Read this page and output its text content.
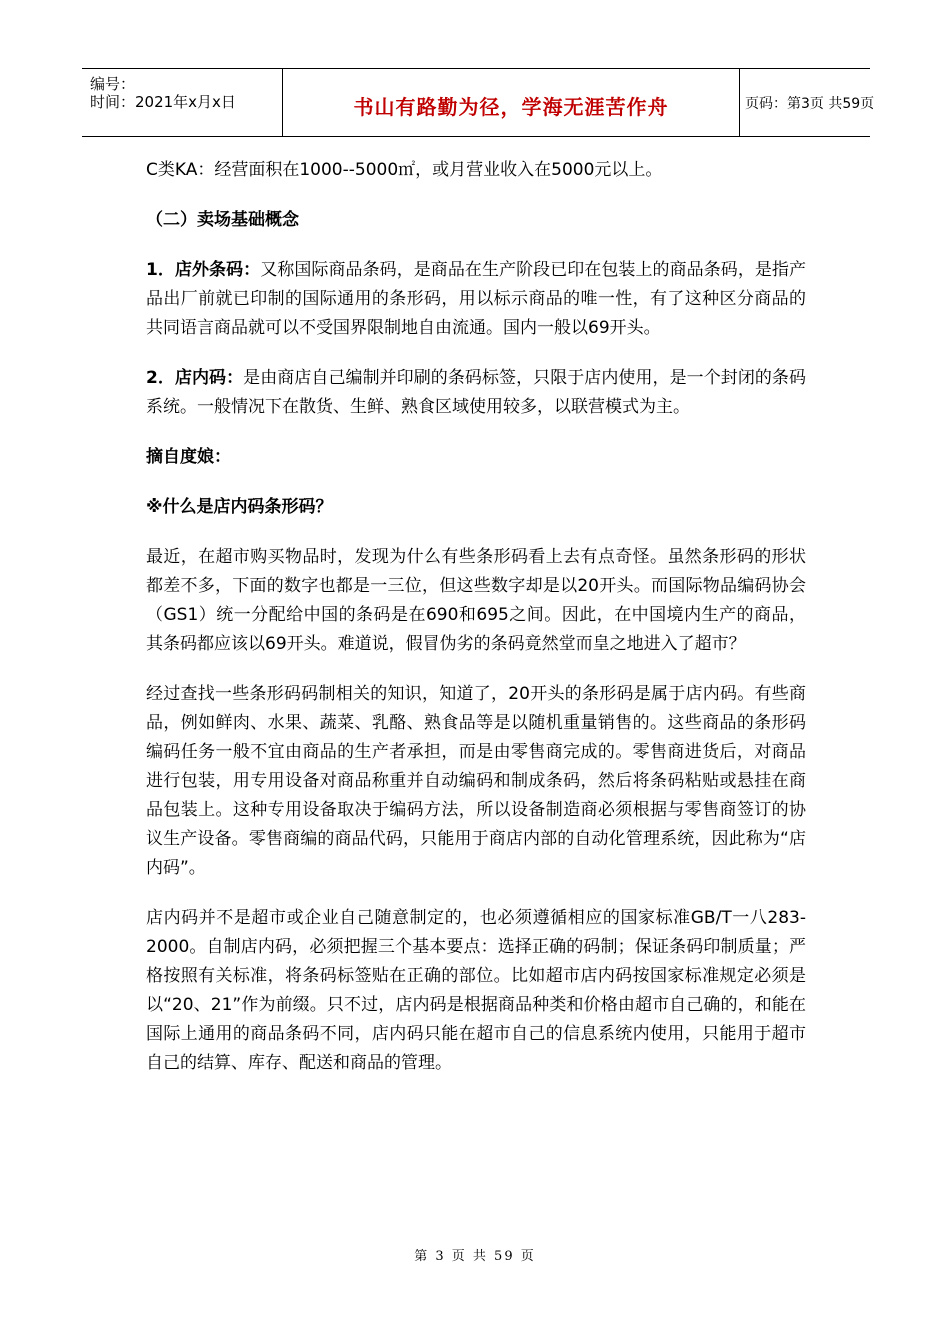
编号：
时间：2021年x月x日	书山有路勤为径，学海无涯苦作舟	页码：第3页 共59页

C类KA：经营面积在1000--5000㎡，或月营业收入在5000元以上。

（二）卖场基础概念

1．店外条码：又称国际商品条码，是商品在生产阶段已印在包装上的商品条码，是指产品出厂前就已印制的国际通用的条形码，用以标示商品的唯一性，有了这种区分商品的共同语言商品就可以不受国界限制地自由流通。国内一般以69开头。

2．店内码：是由商店自己编制并印刷的条码标签，只限于店内使用，是一个封闭的条码系统。一般情况下在散货、生鲜、熟食区域使用较多，以联营模式为主。

摘自度娘：

※什么是店内码条形码？

最近，在超市购买物品时，发现为什么有些条形码看上去有点奇怪。虽然条形码的形状都差不多，下面的数字也都是一三位，但这些数字却是以20开头。而国际物品编码协会（GS1）统一分配给中国的条码是在690和695之间。因此，在中国境内生产的商品，其条码都应该以69开头。难道说，假冒伪劣的条码竟然堂而皇之地进入了超市？

经过查找一些条形码码制相关的知识，知道了，20开头的条形码是属于店内码。有些商品，例如鲜肉、水果、蔬菜、乳酪、熟食品等是以随机重量销售的。这些商品的条形码编码任务一般不宜由商品的生产者承担，而是由零售商完成的。零售商进货后，对商品进行包装，用专用设备对商品称重并自动编码和制成条码，然后将条码粘贴或悬挂在商品包装上。这种专用设备取决于编码方法，所以设备制造商必须根据与零售商签订的协议生产设备。零售商编的商品代码，只能用于商店内部的自动化管理系统，因此称为“店内码”。

店内码并不是超市或企业自己随意制定的，也必须遵循相应的国家标准GB/T一八283-2000。自制店内码，必须把握三个基本要点：选择正确的码制；保证条码印制质量；严格按照有关标准，将条码标签贴在正确的部位。比如超市店内码按国家标准规定必须是以“20、21”作为前缀。只不过，店内码是根据商品种类和价格由超市自己确的，和能在国际上通用的商品条码不同，店内码只能在超市自己的信息系统内使用，只能用于超市自己的结算、库存、配送和商品的管理。

第 3 页 共 59 页
